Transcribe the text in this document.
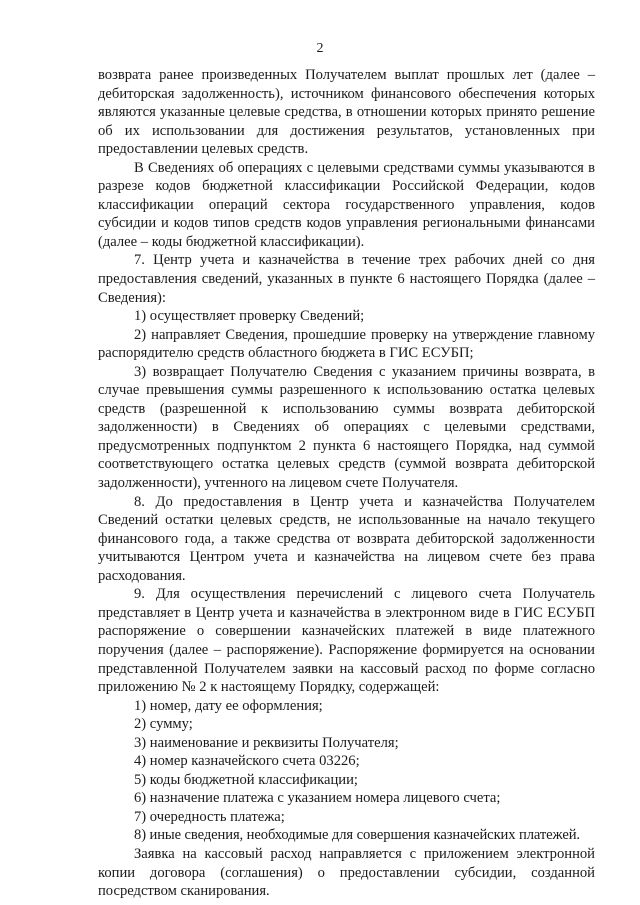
2

возврата ранее произведенных Получателем выплат прошлых лет (далее – дебиторская задолженность), источником финансового обеспечения которых являются указанные целевые средства, в отношении которых принято решение об их использовании для достижения результатов, установленных при предоставлении целевых средств.

В Сведениях об операциях с целевыми средствами суммы указываются в разрезе кодов бюджетной классификации Российской Федерации, кодов классификации операций сектора государственного управления, кодов субсидии и кодов типов средств кодов управления региональными финансами (далее – коды бюджетной классификации).

7. Центр учета и казначейства в течение трех рабочих дней со дня предоставления сведений, указанных в пункте 6 настоящего Порядка (далее – Сведения):

1) осуществляет проверку Сведений;

2) направляет Сведения, прошедшие проверку на утверждение главному распорядителю средств областного бюджета в ГИС ЕСУБП;

3) возвращает Получателю Сведения с указанием причины возврата, в случае превышения суммы разрешенного к использованию остатка целевых средств (разрешенной к использованию суммы возврата дебиторской задолженности) в Сведениях об операциях с целевыми средствами, предусмотренных подпунктом 2 пункта 6 настоящего Порядка, над суммой соответствующего остатка целевых средств (суммой возврата дебиторской задолженности), учтенного на лицевом счете Получателя.

8. До предоставления в Центр учета и казначейства Получателем Сведений остатки целевых средств, не использованные на начало текущего финансового года, а также средства от возврата дебиторской задолженности учитываются Центром учета и казначейства на лицевом счете без права расходования.

9. Для осуществления перечислений с лицевого счета Получатель представляет в Центр учета и казначейства в электронном виде в ГИС ЕСУБП распоряжение о совершении казначейских платежей в виде платежного поручения (далее – распоряжение). Распоряжение формируется на основании представленной Получателем заявки на кассовый расход по форме согласно приложению № 2 к настоящему Порядку, содержащей:

1) номер, дату ее оформления;

2) сумму;

3) наименование и реквизиты Получателя;

4) номер казначейского счета 03226;

5) коды бюджетной классификации;

6) назначение платежа с указанием номера лицевого счета;

7) очередность платежа;

8) иные сведения, необходимые для совершения казначейских платежей.

Заявка на кассовый расход направляется с приложением электронной копии договора (соглашения) о предоставлении субсидии, созданной посредством сканирования.
